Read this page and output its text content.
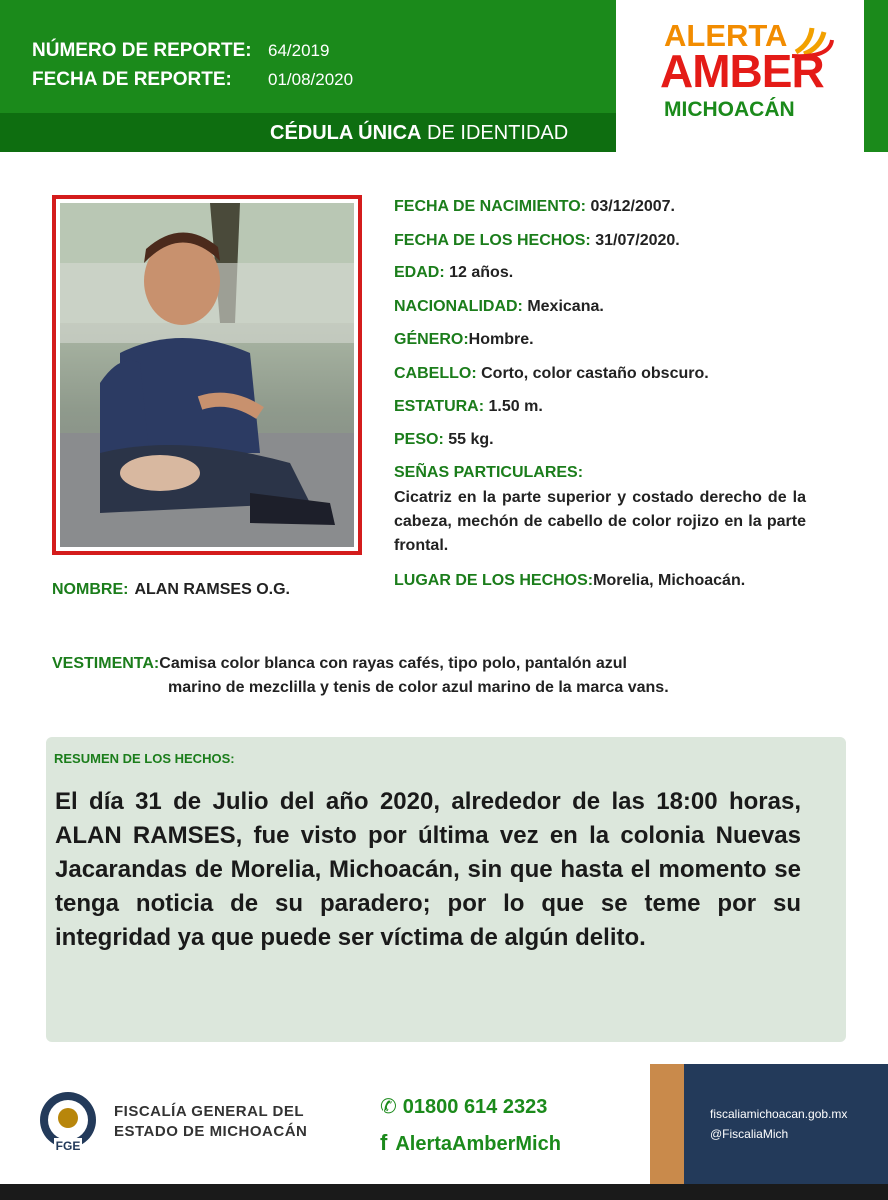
NÚMERO DE REPORTE: 64/2019
FECHA DE REPORTE: 01/08/2020
CÉDULA ÚNICA DE IDENTIDAD
ALERTA
AMBER
MICHOACÁN
FECHA DE NACIMIENTO: 03/12/2007.
FECHA DE LOS HECHOS: 31/07/2020.
EDAD: 12 años.
NACIONALIDAD: Mexicana.
GÉNERO:Hombre.
CABELLO: Corto, color castaño obscuro.
ESTATURA: 1.50 m.
PESO: 55 kg.
SEÑAS PARTICULARES:
Cicatriz en la parte superior y costado derecho de la cabeza, mechón de cabello de color rojizo en la parte frontal.
LUGAR DE LOS HECHOS:Morelia, Michoacán.
NOMBRE: ALAN RAMSES O.G.
VESTIMENTA:Camisa color blanca con rayas cafés, tipo polo, pantalón azul
marino de mezclilla y tenis de color azul marino de la marca vans.
RESUMEN DE LOS HECHOS:
El día 31 de Julio del año 2020, alrededor de las 18:00 horas, ALAN RAMSES, fue visto por última vez en la colonia Nuevas Jacarandas de Morelia, Michoacán, sin que hasta el momento se tenga noticia de su paradero; por lo que se teme por su integridad ya que puede ser víctima de algún delito.
FGE
FISCALÍA GENERAL DEL
ESTADO DE MICHOACÁN
✆ 01800 614 2323
f AlertaAmberMich
fiscaliamichoacan.gob.mx
@FiscaliaMich
